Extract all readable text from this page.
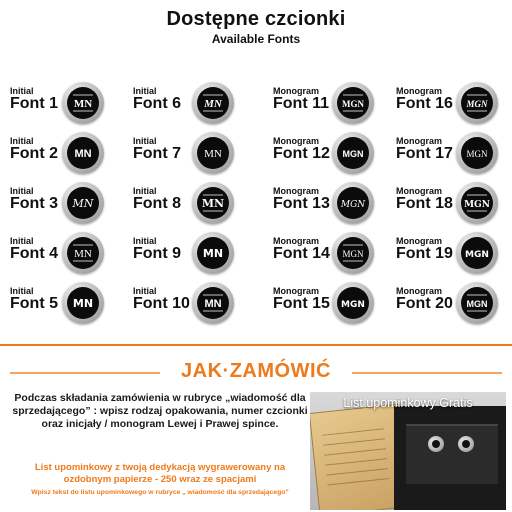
Dostępne czcionki
Available Fonts
Initial
Font 1 MN
Initial
Font 2 MN
Initial
Font 3 MN
Initial
Font 4 MN
Initial
Font 5 MN
Initial
Font 6 MN
Initial
Font 7 MN
Initial
Font 8 MN
Initial
Font 9 MN
Initial
Font 10 MN
Monogram
Font 11 MGN
Monogram
Font 12 MGN
Monogram
Font 13 MGN
Monogram
Font 14 MGN
Monogram
Font 15 MGN
Monogram
Font 16 MGN
Monogram
Font 17 MGN
Monogram
Font 18 MGN
Monogram
Font 19 MGN
Monogram
Font 20 MGN
JAK·ZAMÓWIĆ
Podczas składania zamówienia w rubryce „wiadomość dla sprzedającego” : wpisz rodzaj opakowania, numer czcionki oraz inicjały / monogram Lewej i Prawej spince.
List upominkowy z twoją dedykacją wygrawerowany na ozdobnym papierze - 250 wraz ze spacjami
Wpisz tekst do listu upominkowego w rubryce „ wiadomość dla sprzedającego”
List upominkowy Gratis
